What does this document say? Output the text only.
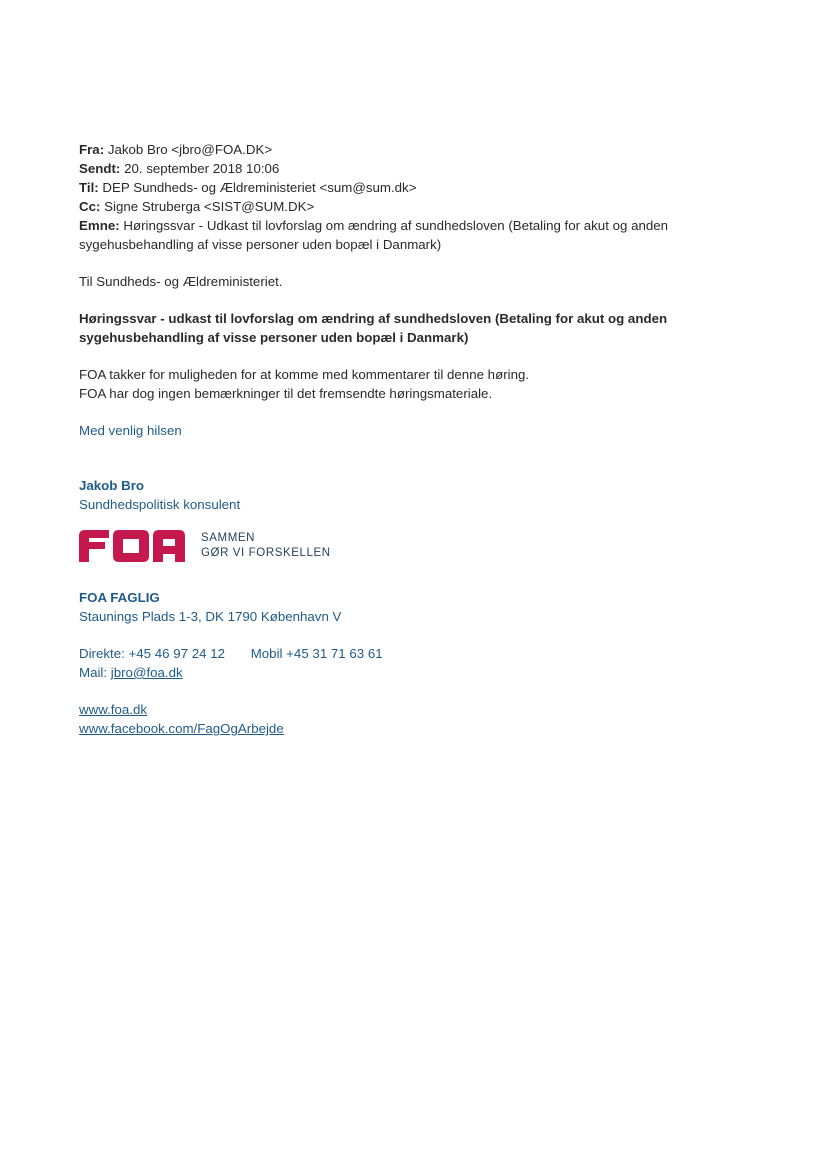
Fra: Jakob Bro <jbro@FOA.DK>
Sendt: 20. september 2018 10:06
Til: DEP Sundheds- og Ældreministeriet <sum@sum.dk>
Cc: Signe Struberga <SIST@SUM.DK>
Emne: Høringssvar - Udkast til lovforslag om ændring af sundhedsloven (Betaling for akut og anden
sygehusbehandling af visse personer uden bopæl i Danmark)
Til Sundheds- og Ældreministeriet.
Høringssvar - udkast til lovforslag om ændring af sundhedsloven (Betaling for akut og anden
sygehusbehandling af visse personer uden bopæl i Danmark)
FOA takker for muligheden for at komme med kommentarer til denne høring.
FOA har dog ingen bemærkninger til det fremsendte høringsmateriale.
Med venlig hilsen
Jakob Bro
Sundhedspolitisk konsulent
SAMMEN
GØR VI FORSKELLEN
FOA FAGLIG
Staunings Plads 1-3, DK 1790 København V
Direkte: +45 46 97 24 12 Mobil +45 31 71 63 61
Mail: jbro@foa.dk
www.foa.dk
www.facebook.com/FagOgArbejde
